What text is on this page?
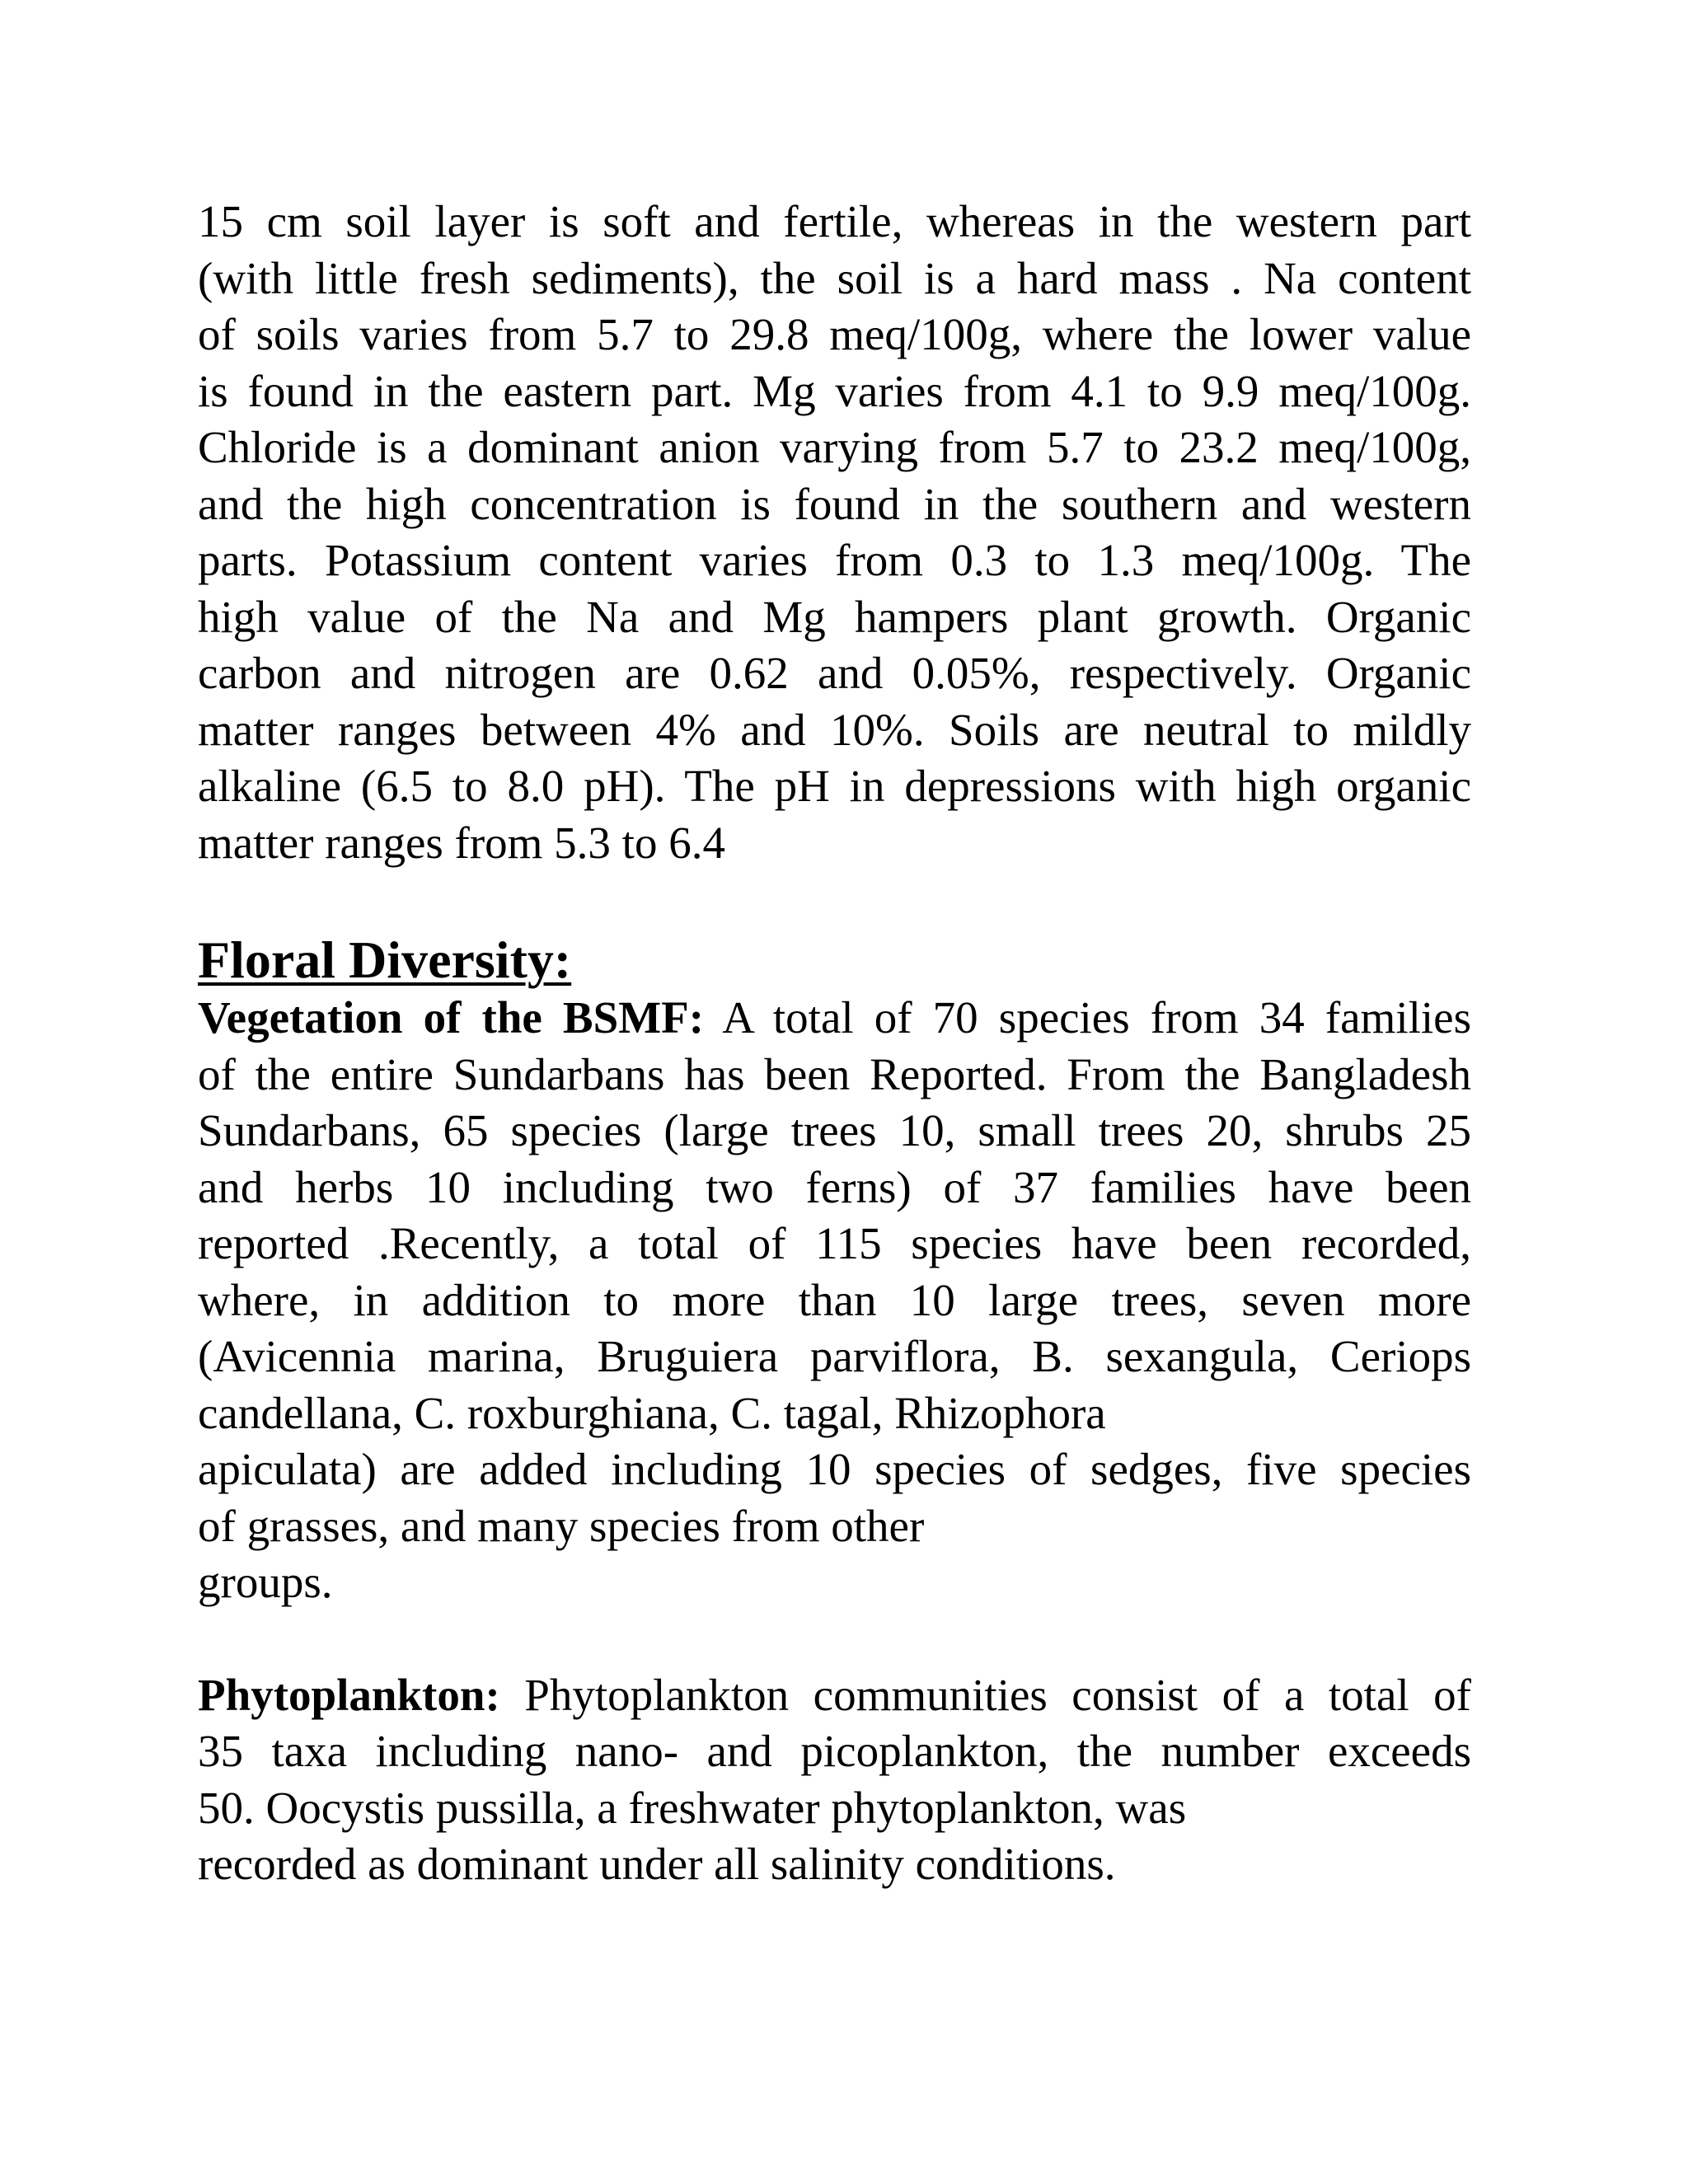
15 cm soil layer is soft and fertile, whereas in the western part
(with little fresh sediments), the soil is a hard mass . Na content
of soils varies from 5.7 to 29.8 meq/100g, where the lower value
is found in the eastern part. Mg varies from 4.1 to 9.9 meq/100g.
Chloride is a dominant anion varying from 5.7 to 23.2 meq/100g,
and the high concentration is found in the southern and western
parts. Potassium content varies from 0.3 to 1.3 meq/100g. The
high value of the Na and Mg hampers plant growth. Organic
carbon and nitrogen are 0.62 and 0.05%, respectively. Organic
matter ranges between 4% and 10%. Soils are neutral to mildly
alkaline (6.5 to 8.0 pH). The pH in depressions with high organic
matter ranges from 5.3 to 6.4
Floral Diversity:
Vegetation of the BSMF: A total of 70 species from 34 families
of the entire Sundarbans has been Reported. From the Bangladesh
Sundarbans, 65 species (large trees 10, small trees 20, shrubs 25
and herbs 10 including two ferns) of 37 families have been
reported .Recently, a total of 115 species have been recorded,
where, in addition to more than 10 large trees, seven more
(Avicennia marina, Bruguiera parviflora, B. sexangula, Ceriops
candellana, C. roxburghiana, C. tagal, Rhizophora
apiculata) are added including 10 species of sedges, five species
of grasses, and many species from other
groups.
Phytoplankton: Phytoplankton communities consist of a total of
35 taxa including nano- and picoplankton, the number exceeds
50. Oocystis pussilla, a freshwater phytoplankton, was
recorded as dominant under all salinity conditions.
